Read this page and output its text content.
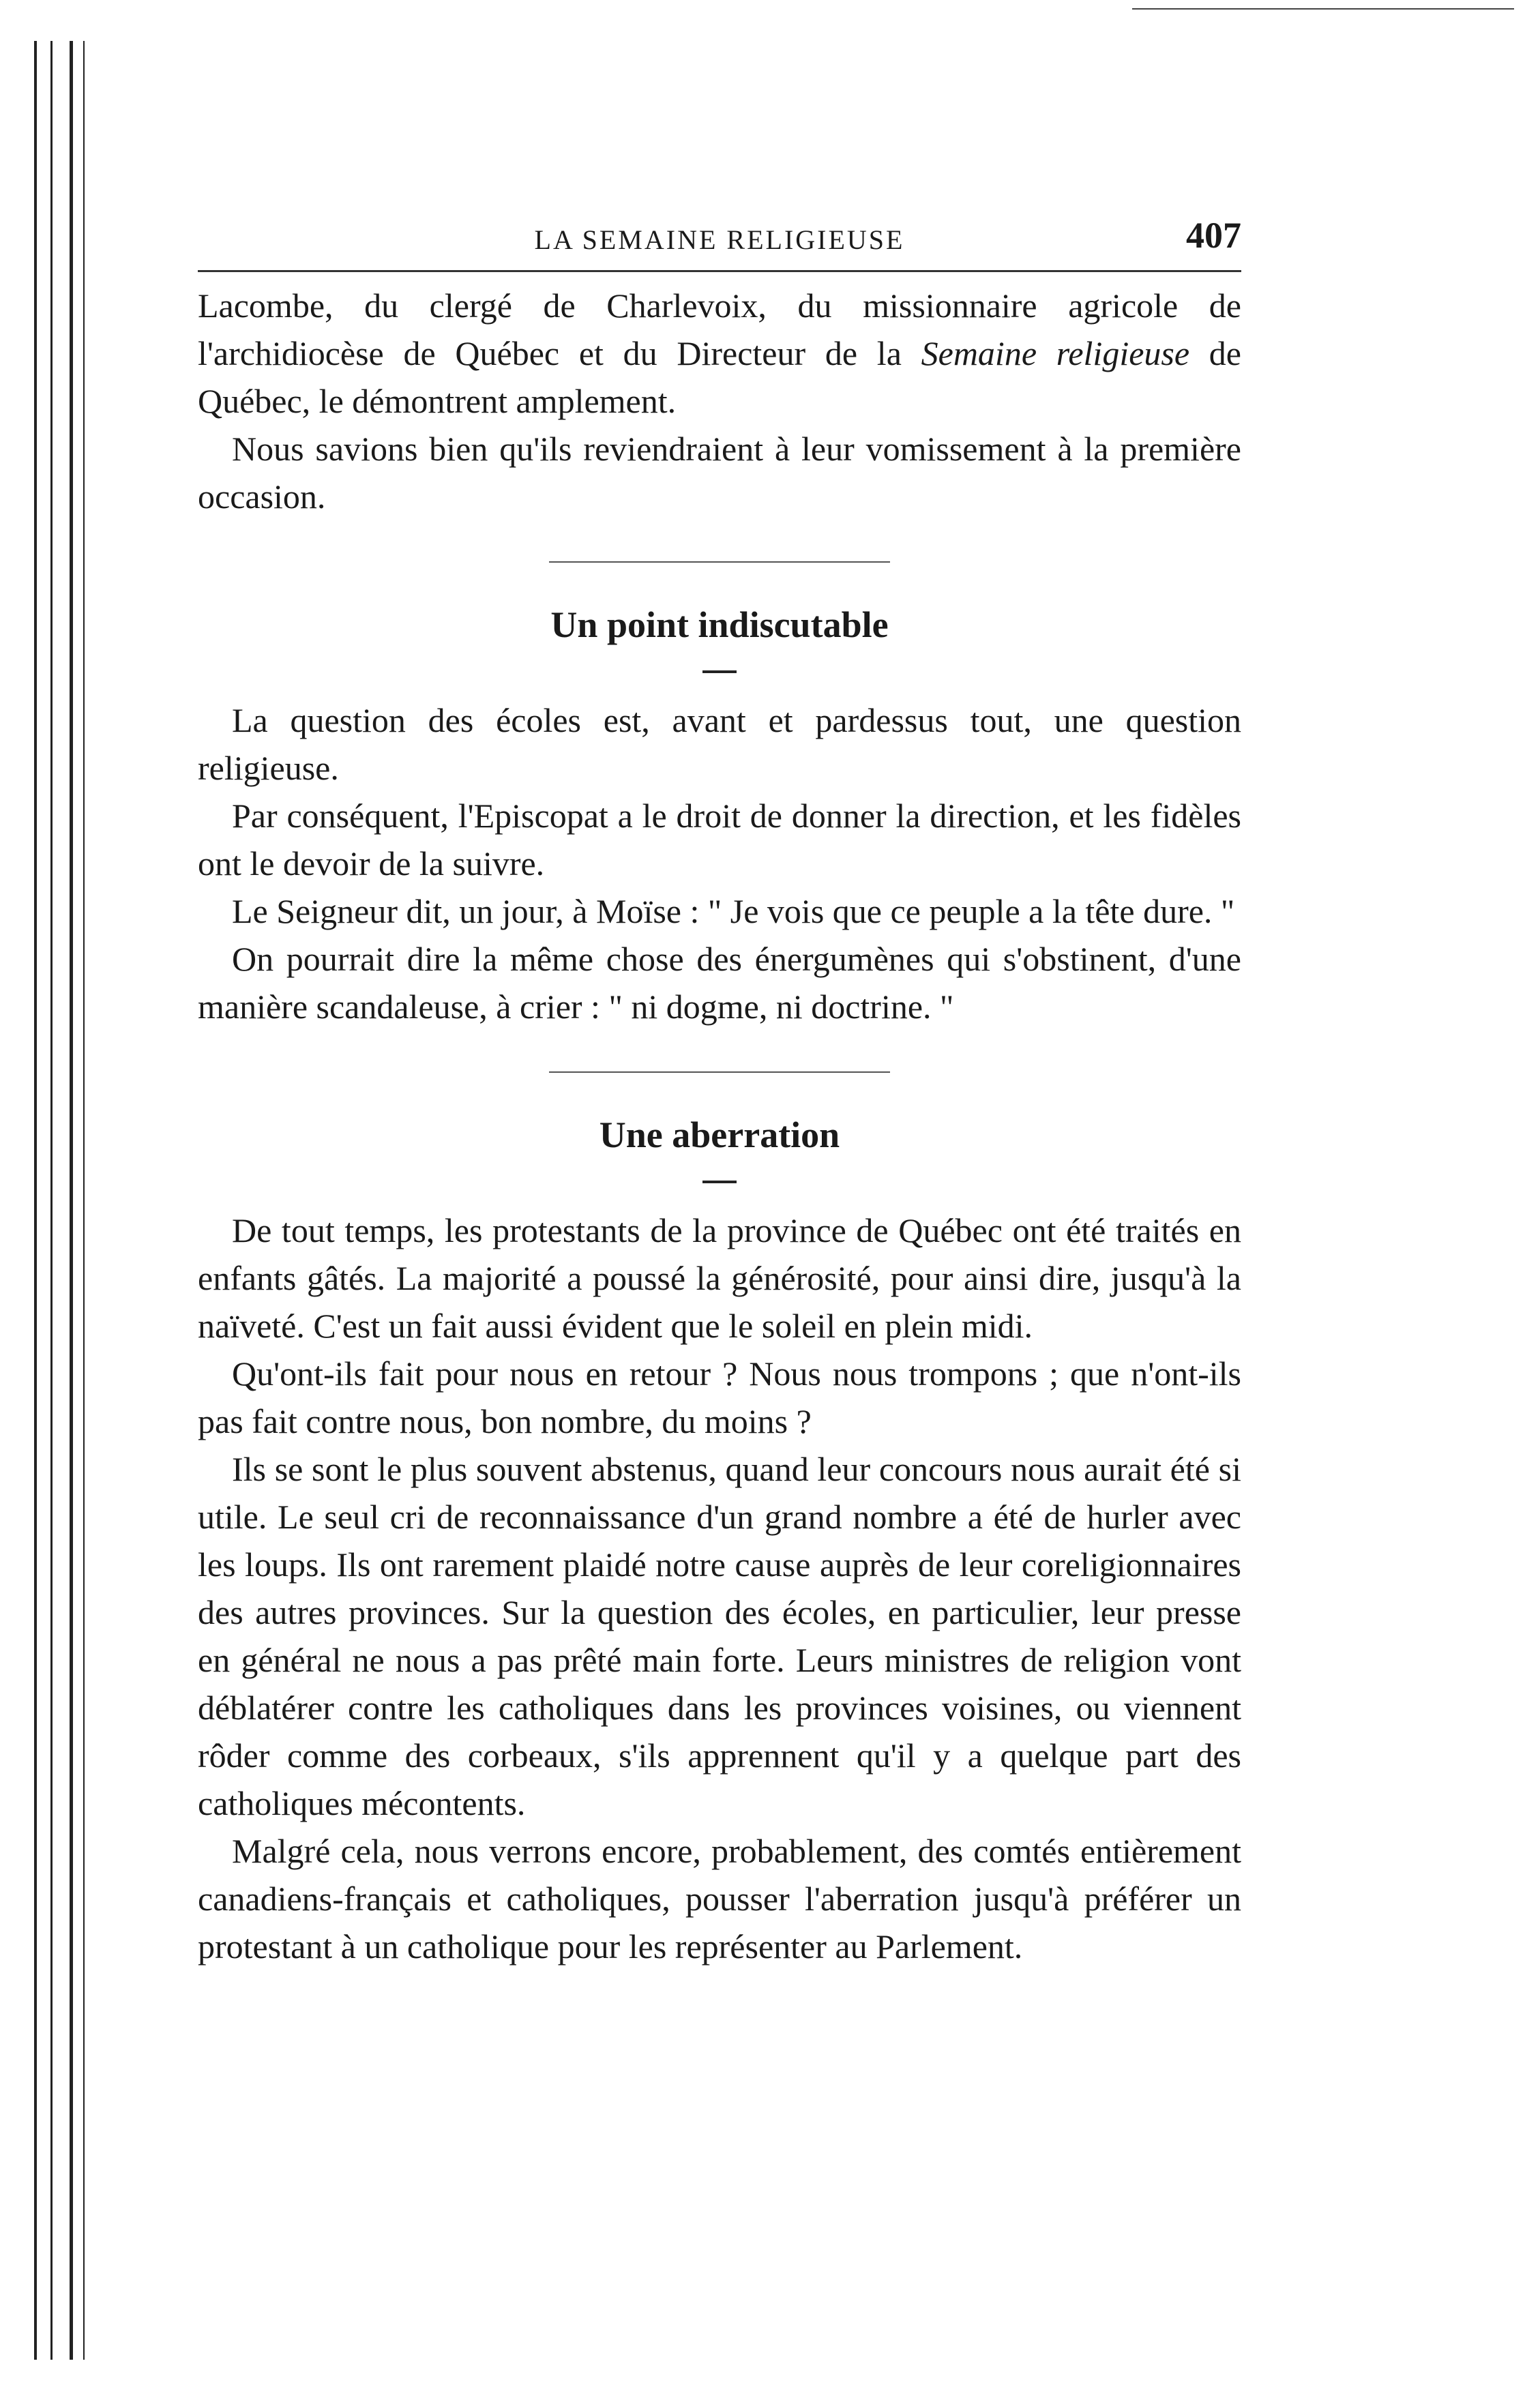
LA SEMAINE RELIGIEUSE	407

Lacombe, du clergé de Charlevoix, du missionnaire agricole de l'archidiocèse de Québec et du Directeur de la Semaine religieuse de Québec, le démontrent amplement.

Nous savions bien qu'ils reviendraient à leur vomissement à la première occasion.

Un point indiscutable

La question des écoles est, avant et pardessus tout, une question religieuse.

Par conséquent, l'Episcopat a le droit de donner la direction, et les fidèles ont le devoir de la suivre.

Le Seigneur dit, un jour, à Moïse : " Je vois que ce peuple a la tête dure. "

On pourrait dire la même chose des énergumènes qui s'obstinent, d'une manière scandaleuse, à crier : " ni dogme, ni doctrine. "

Une aberration

De tout temps, les protestants de la province de Québec ont été traités en enfants gâtés. La majorité a poussé la générosité, pour ainsi dire, jusqu'à la naïveté. C'est un fait aussi évident que le soleil en plein midi.

Qu'ont-ils fait pour nous en retour ? Nous nous trompons ; que n'ont-ils pas fait contre nous, bon nombre, du moins ?

Ils se sont le plus souvent abstenus, quand leur concours nous aurait été si utile. Le seul cri de reconnaissance d'un grand nombre a été de hurler avec les loups. Ils ont rarement plaidé notre cause auprès de leur coreligionnaires des autres provinces. Sur la question des écoles, en particulier, leur presse en général ne nous a pas prêté main forte. Leurs ministres de religion vont déblatérer contre les catholiques dans les provinces voisines, ou viennent rôder comme des corbeaux, s'ils apprennent qu'il y a quelque part des catholiques mécontents.

Malgré cela, nous verrons encore, probablement, des comtés entièrement canadiens-français et catholiques, pousser l'aberration jusqu'à préférer un protestant à un catholique pour les représenter au Parlement.
